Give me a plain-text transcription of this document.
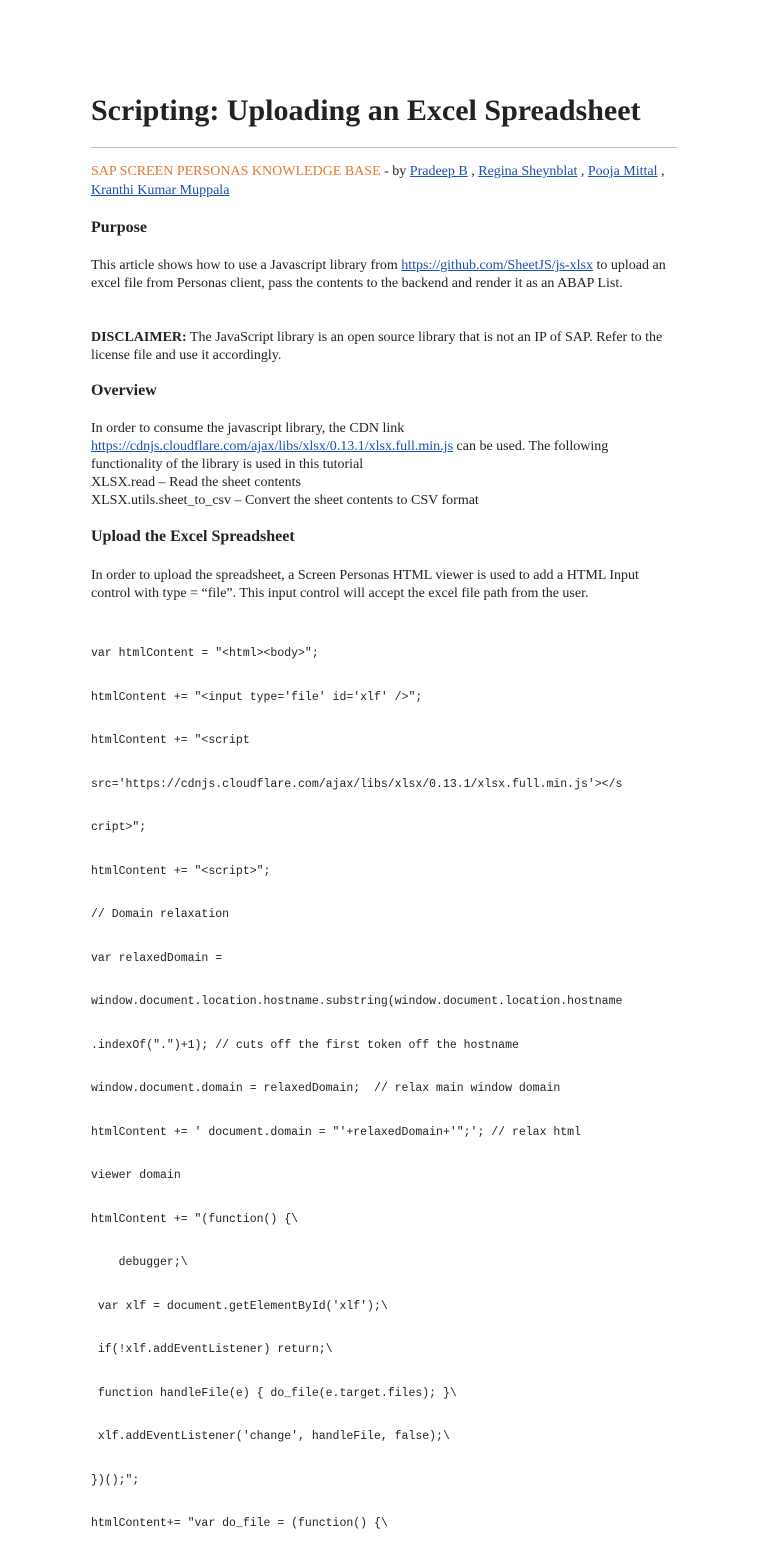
Scripting: Uploading an Excel Spreadsheet
SAP SCREEN PERSONAS KNOWLEDGE BASE - by Pradeep B , Regina Sheynblat , Pooja Mittal , Kranthi Kumar Muppala
Purpose

This article shows how to use a Javascript library from https://github.com/SheetJS/js-xlsx to upload an excel file from Personas client, pass the contents to the backend and render it as an ABAP List.

DISCLAIMER: The JavaScript library is an open source library that is not an IP of SAP. Refer to the license file and use it accordingly.

Overview

In order to consume the javascript library, the CDN link
https://cdnjs.cloudflare.com/ajax/libs/xlsx/0.13.1/xlsx.full.min.js can be used. The following functionality of the library is used in this tutorial
XLSX.read – Read the sheet contents
XLSX.utils.sheet_to_csv – Convert the sheet contents to CSV format

Upload the Excel Spreadsheet

In order to upload the spreadsheet, a Screen Personas HTML viewer is used to add a HTML Input control with type = “file”. This input control will accept the excel file path from the user.

var htmlContent = "<html><body>";

htmlContent += "<input type='file' id='xlf' />";

htmlContent += "<script

src='https://cdnjs.cloudflare.com/ajax/libs/xlsx/0.13.1/xlsx.full.min.js'></s

cript>";

htmlContent += "<script>";

// Domain relaxation

var relaxedDomain =

window.document.location.hostname.substring(window.document.location.hostname

.indexOf(".")+1); // cuts off the first token off the hostname

window.document.domain = relaxedDomain;  // relax main window domain

htmlContent += ' document.domain = "'+relaxedDomain+'";'; // relax html

viewer domain

htmlContent += "(function() {\

debugger;\

var xlf = document.getElementById('xlf');\

if(!xlf.addEventListener) return;\

function handleFile(e) { do_file(e.target.files); }\

xlf.addEventListener('change', handleFile, false);\

})();";

htmlContent+= "var do_file = (function() {\
